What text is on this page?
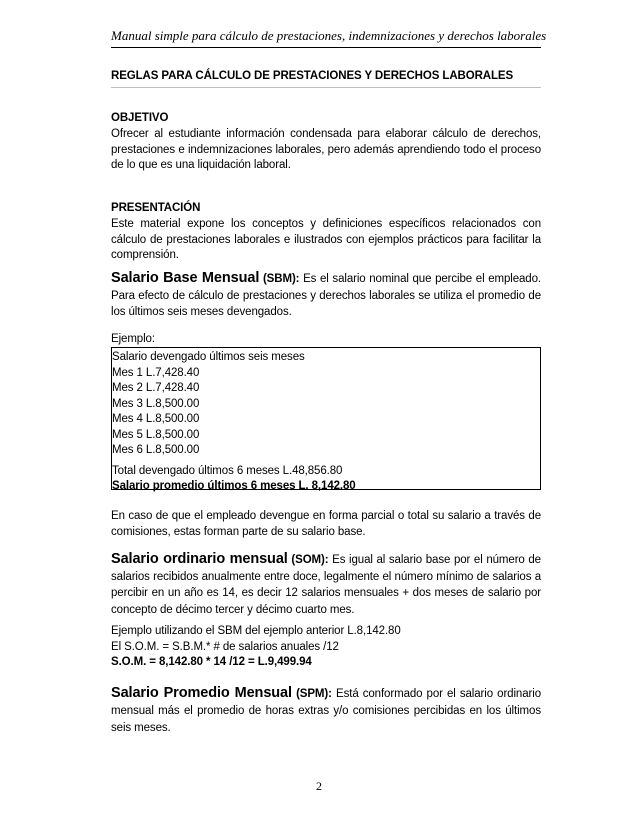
Manual simple para cálculo de prestaciones, indemnizaciones y derechos laborales
REGLAS PARA CÁLCULO DE PRESTACIONES Y DERECHOS LABORALES
OBJETIVO
Ofrecer al estudiante información condensada para elaborar cálculo de derechos, prestaciones e indemnizaciones laborales, pero además aprendiendo todo el proceso de lo que es una liquidación laboral.
PRESENTACIÓN
Este material expone los conceptos y definiciones específicos relacionados con cálculo de prestaciones laborales e ilustrados con ejemplos prácticos para facilitar la comprensión.
Salario Base Mensual (SBM): Es el salario nominal que percibe el empleado. Para efecto de cálculo de prestaciones y derechos laborales se utiliza el promedio de los últimos seis meses devengados.
Ejemplo:
Salario devengado últimos seis meses
Mes 1 L.7,428.40
Mes 2 L.7,428.40
Mes 3 L.8,500.00
Mes 4 L.8,500.00
Mes 5 L.8,500.00
Mes 6 L.8,500.00
Total devengado últimos 6 meses L.48,856.80
Salario promedio últimos 6 meses L. 8,142.80
En caso de que el empleado devengue en forma parcial o total su salario a través de comisiones, estas forman parte de su salario base.
Salario ordinario mensual (SOM): Es igual al salario base por el número de salarios recibidos anualmente entre doce, legalmente el número mínimo de salarios a percibir en un año es 14, es decir 12 salarios mensuales + dos meses de salario por concepto de décimo tercer y décimo cuarto mes.
Ejemplo utilizando el SBM del ejemplo anterior L.8,142.80
El S.O.M. = S.B.M.* # de salarios anuales /12
S.O.M. = 8,142.80 * 14 /12 = L.9,499.94
Salario Promedio Mensual (SPM): Está conformado por el salario ordinario mensual más el promedio de horas extras y/o comisiones percibidas en los últimos seis meses.
2
